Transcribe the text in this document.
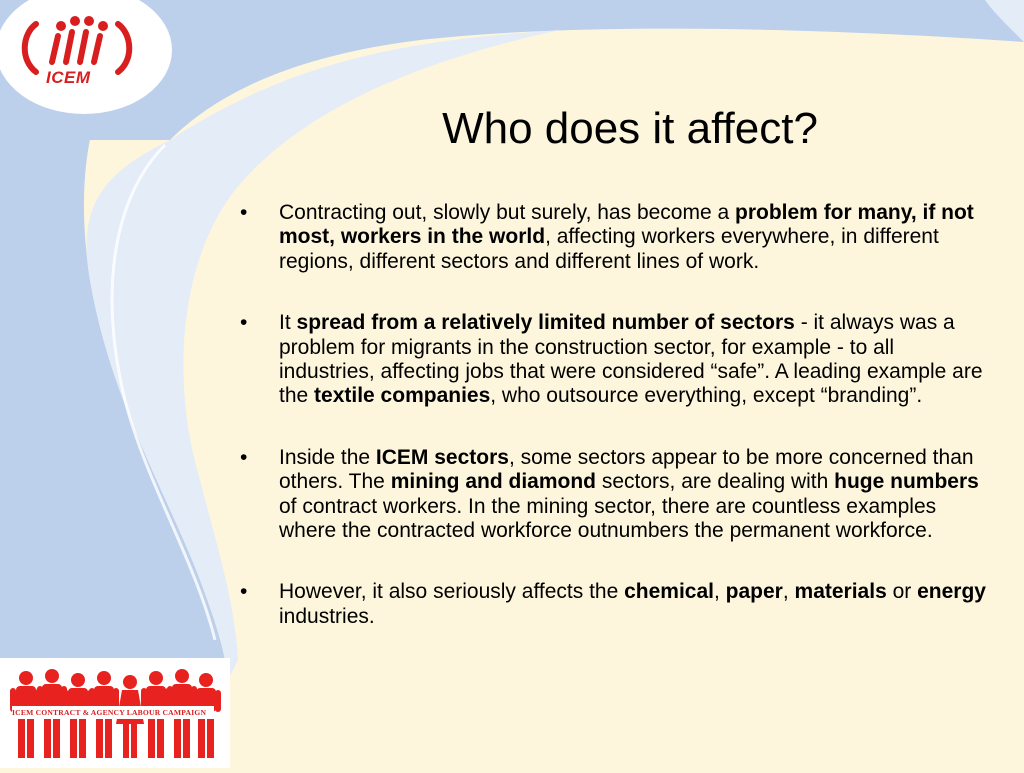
ICEM
Who does it affect?
• Contracting out, slowly but surely, has become a problem for many, if not most, workers in the world, affecting workers everywhere, in different regions, different sectors and different lines of work.
• It spread from a relatively limited number of sectors - it always was a problem for migrants in the construction sector, for example - to all industries, affecting jobs that were considered “safe”. A leading example are the textile companies, who outsource everything, except “branding”.
• Inside the ICEM sectors, some sectors appear to be more concerned than others. The mining and diamond sectors, are dealing with huge numbers of contract workers. In the mining sector, there are countless examples where the contracted workforce outnumbers the permanent workforce.
• However, it also seriously affects the chemical, paper, materials or energy industries.
ICEM CONTRACT & AGENCY LABOUR CAMPAIGN
